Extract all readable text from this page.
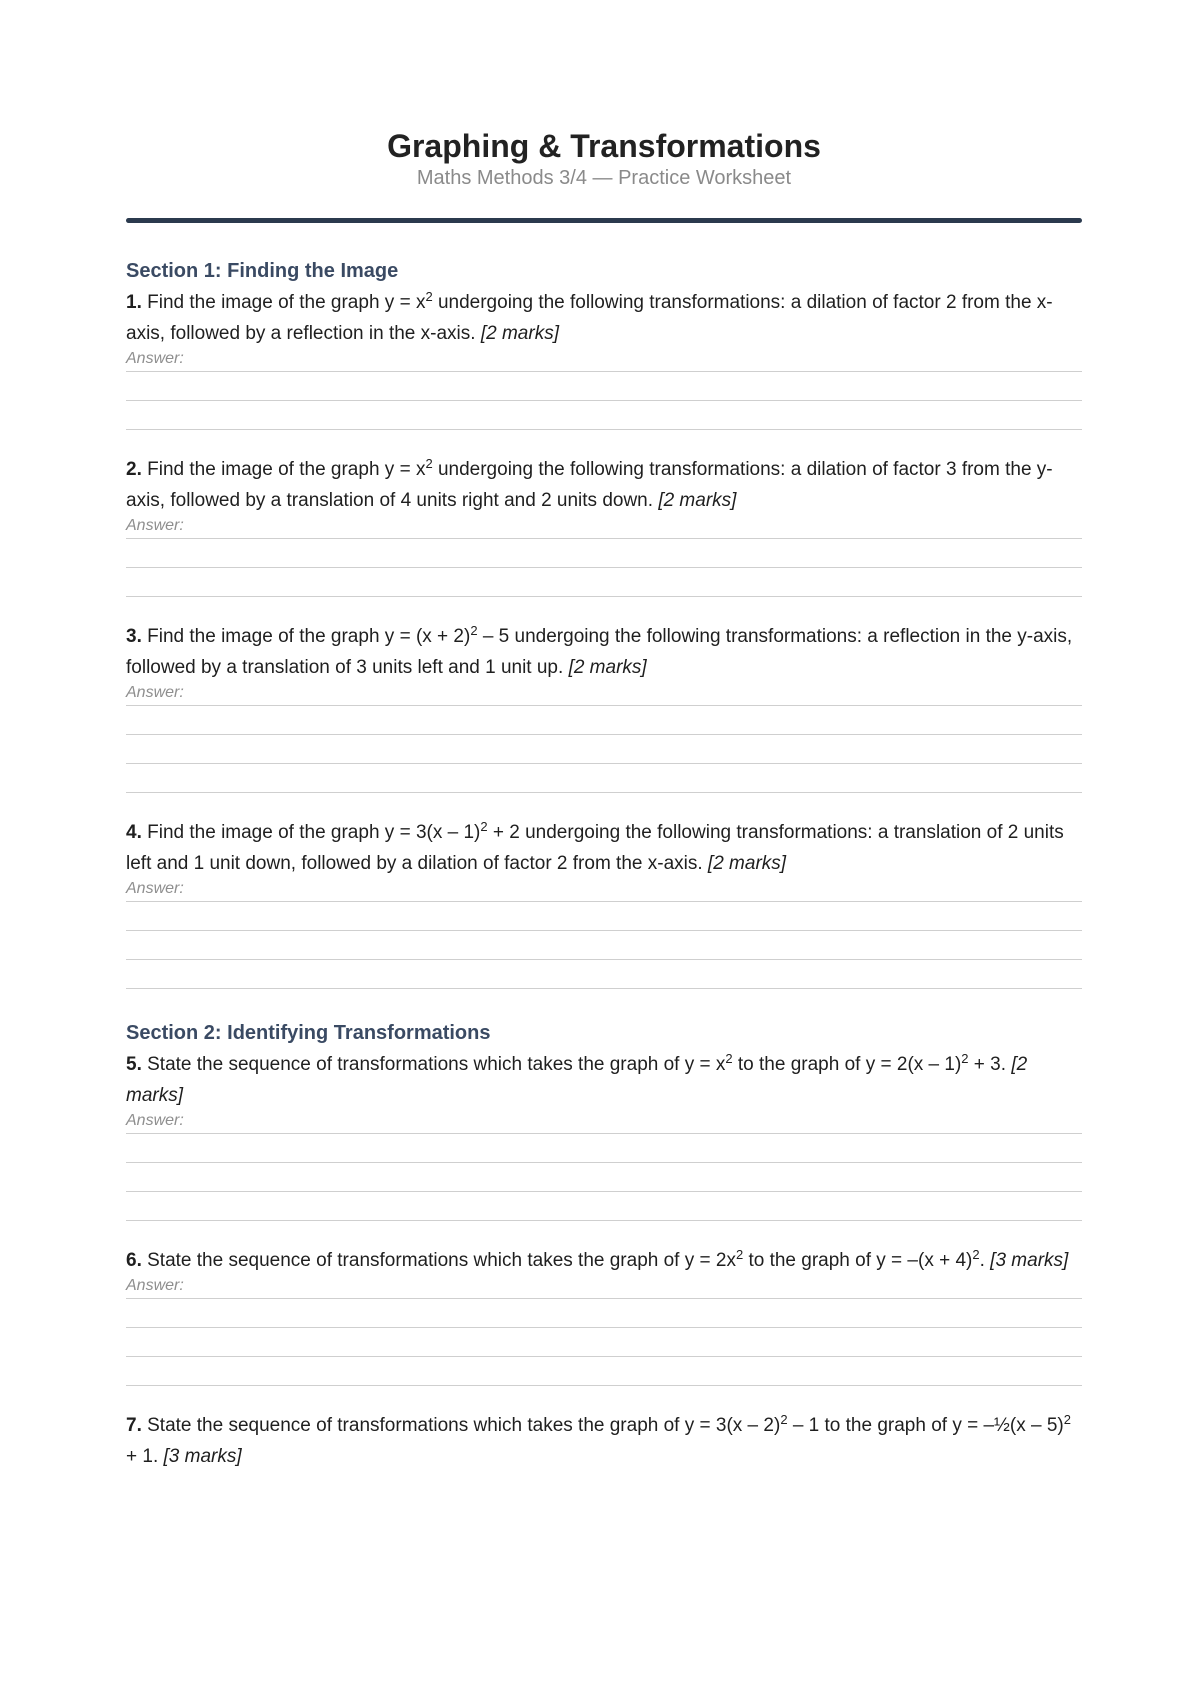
Graphing & Transformations
Maths Methods 3/4 — Practice Worksheet
Section 1: Finding the Image
1. Find the image of the graph $y = x^2$ undergoing the following transformations: a dilation of factor 2 from the x-axis, followed by a reflection in the x-axis. [2 marks]
Answer:
2. Find the image of the graph $y = x^2$ undergoing the following transformations: a dilation of factor 3 from the y-axis, followed by a translation of 4 units right and 2 units down. [2 marks]
Answer:
3. Find the image of the graph $y = (x + 2)^2 - 5$ undergoing the following transformations: a reflection in the y-axis, followed by a translation of 3 units left and 1 unit up. [2 marks]
Answer:
4. Find the image of the graph y = 3(x – 1)$^2$ + 2 undergoing the following transformations: a translation of 2 units left and 1 unit down, followed by a dilation of factor 2 from the x-axis. [2 marks]
Answer:
Section 2: Identifying Transformations
5. State the sequence of transformations which takes the graph of $y = x^2$ to the graph of y = 2(x – 1)$^2$ + 3. [2 marks]
Answer:
6. State the sequence of transformations which takes the graph of $y = 2x^2$ to the graph of $y = -(x + 4)^2$. [3 marks]
Answer:
7. State the sequence of transformations which takes the graph of y = 3(x – 2)$^2$ – 1 to the graph of y = –½(x – 5)$^2$ + 1. [3 marks]
